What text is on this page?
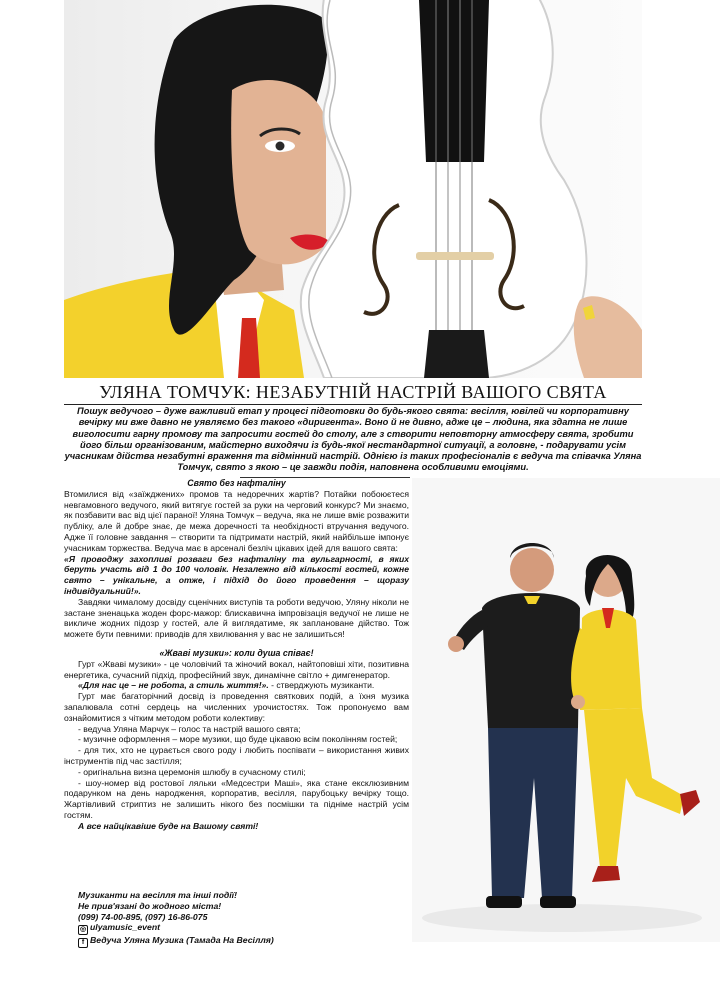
УЛЯНА ТОМЧУК: НЕЗАБУТНІЙ НАСТРІЙ ВАШОГО СВЯТА
Пошук ведучого – дуже важливий етап у процесі підготовки до будь-якого свята: весілля, ювілей чи корпоративну вечірку ми вже давно не уявляємо без такого «диригента». Воно й не дивно, адже це – людина, яка здатна не лише виголосити гарну промову та запросити гостей до столу, але з створити неповторну атмосферу свята, зробити його більш організованим, майстерно виходячи із будь-якої нестандартної ситуації, а головне, - подарувати усім учасникам дійства незабутні враження та відмінний настрій. Однією із таких професіоналів є ведуча та співачка Уляна Томчук, свято з якою – це завжди подія, наповнена особливими емоціями.

Свято без нафталіну

Втомилися від «заїжджених» промов та недоречних жартів? Потайки побоюєтеся невгамовного ведучого, який витягує гостей за руки на черговий конкурс? Ми знаємо, як позбавити вас від цієї параної! Уляна Томчук – ведуча, яка не лише вміє розважити публіку, але й добре знає, де межа доречності та необхідності втручання ведучого. Адже її головне завдання – створити та підтримати настрій, який найбільше імпонує учасникам торжества. Ведуча має в арсеналі безліч цікавих ідей для вашого свята:

«Я проводжу захопливі розваги без нафталіну та вульгарності, в яких беруть участь від 1 до 100 чоловік. Незалежно від кількості гостей, кожне свято – унікальне, а отже, і підхід до його проведення – щоразу індивідуальний!».

Завдяки чималому досвіду сценічних виступів та роботи ведучою, Уляну ніколи не застане зненацька жоден форс-мажор: блискавична імпровізація ведучої не лише не викличе жодних підозр у гостей, але й виглядатиме, як заплановане дійство. Тож можете бути певними: приводів для хвилювання у вас не залишиться!

«Жваві музики»: коли душа співає!

Гурт «Жваві музики» - це чоловічий та жіночий вокал, найтоповіші хіти, позитивна енергетика, сучасний підхід, професійний звук, динамічне світло + димгенератор.

«Для нас це – не робота, а стиль життя!». - стверджують музиканти.

Гурт має багаторічний досвід із проведення святкових подій, а їхня музика запалювала сотні сердець на численних урочистостях. Тож пропонуємо вам ознайомитися з чітким методом роботи колективу:

- ведуча Уляна Марчук – голос та настрій вашого свята;

- музичне оформлення – море музики, що буде цікавою всім поколінням гостей;

- для тих, хто не цурається свого роду і любить поспівати – використання живих інструментів під час застілля;

- оригінальна визна церемонія шлюбу в сучасному стилі;

- шоу-номер від ростової ляльки «Медсестри Маші», яка стане ексклюзивним подарунком на день народження, корпоратив, весілля, парубоцьку вечірку тощо. Жартівливий стриптиз не залишить нікого без посмішки та підніме настрій усім гостям.

А все найцікавіше буде на Вашому святі!

Музиканти на весілля та інші події!
Не прив'язані до жодного міста!
(099) 74-00-895, (097) 16-86-075
◎ ulyamusic_event
f Ведуча Уляна Музика (Тамада На Весілля)
